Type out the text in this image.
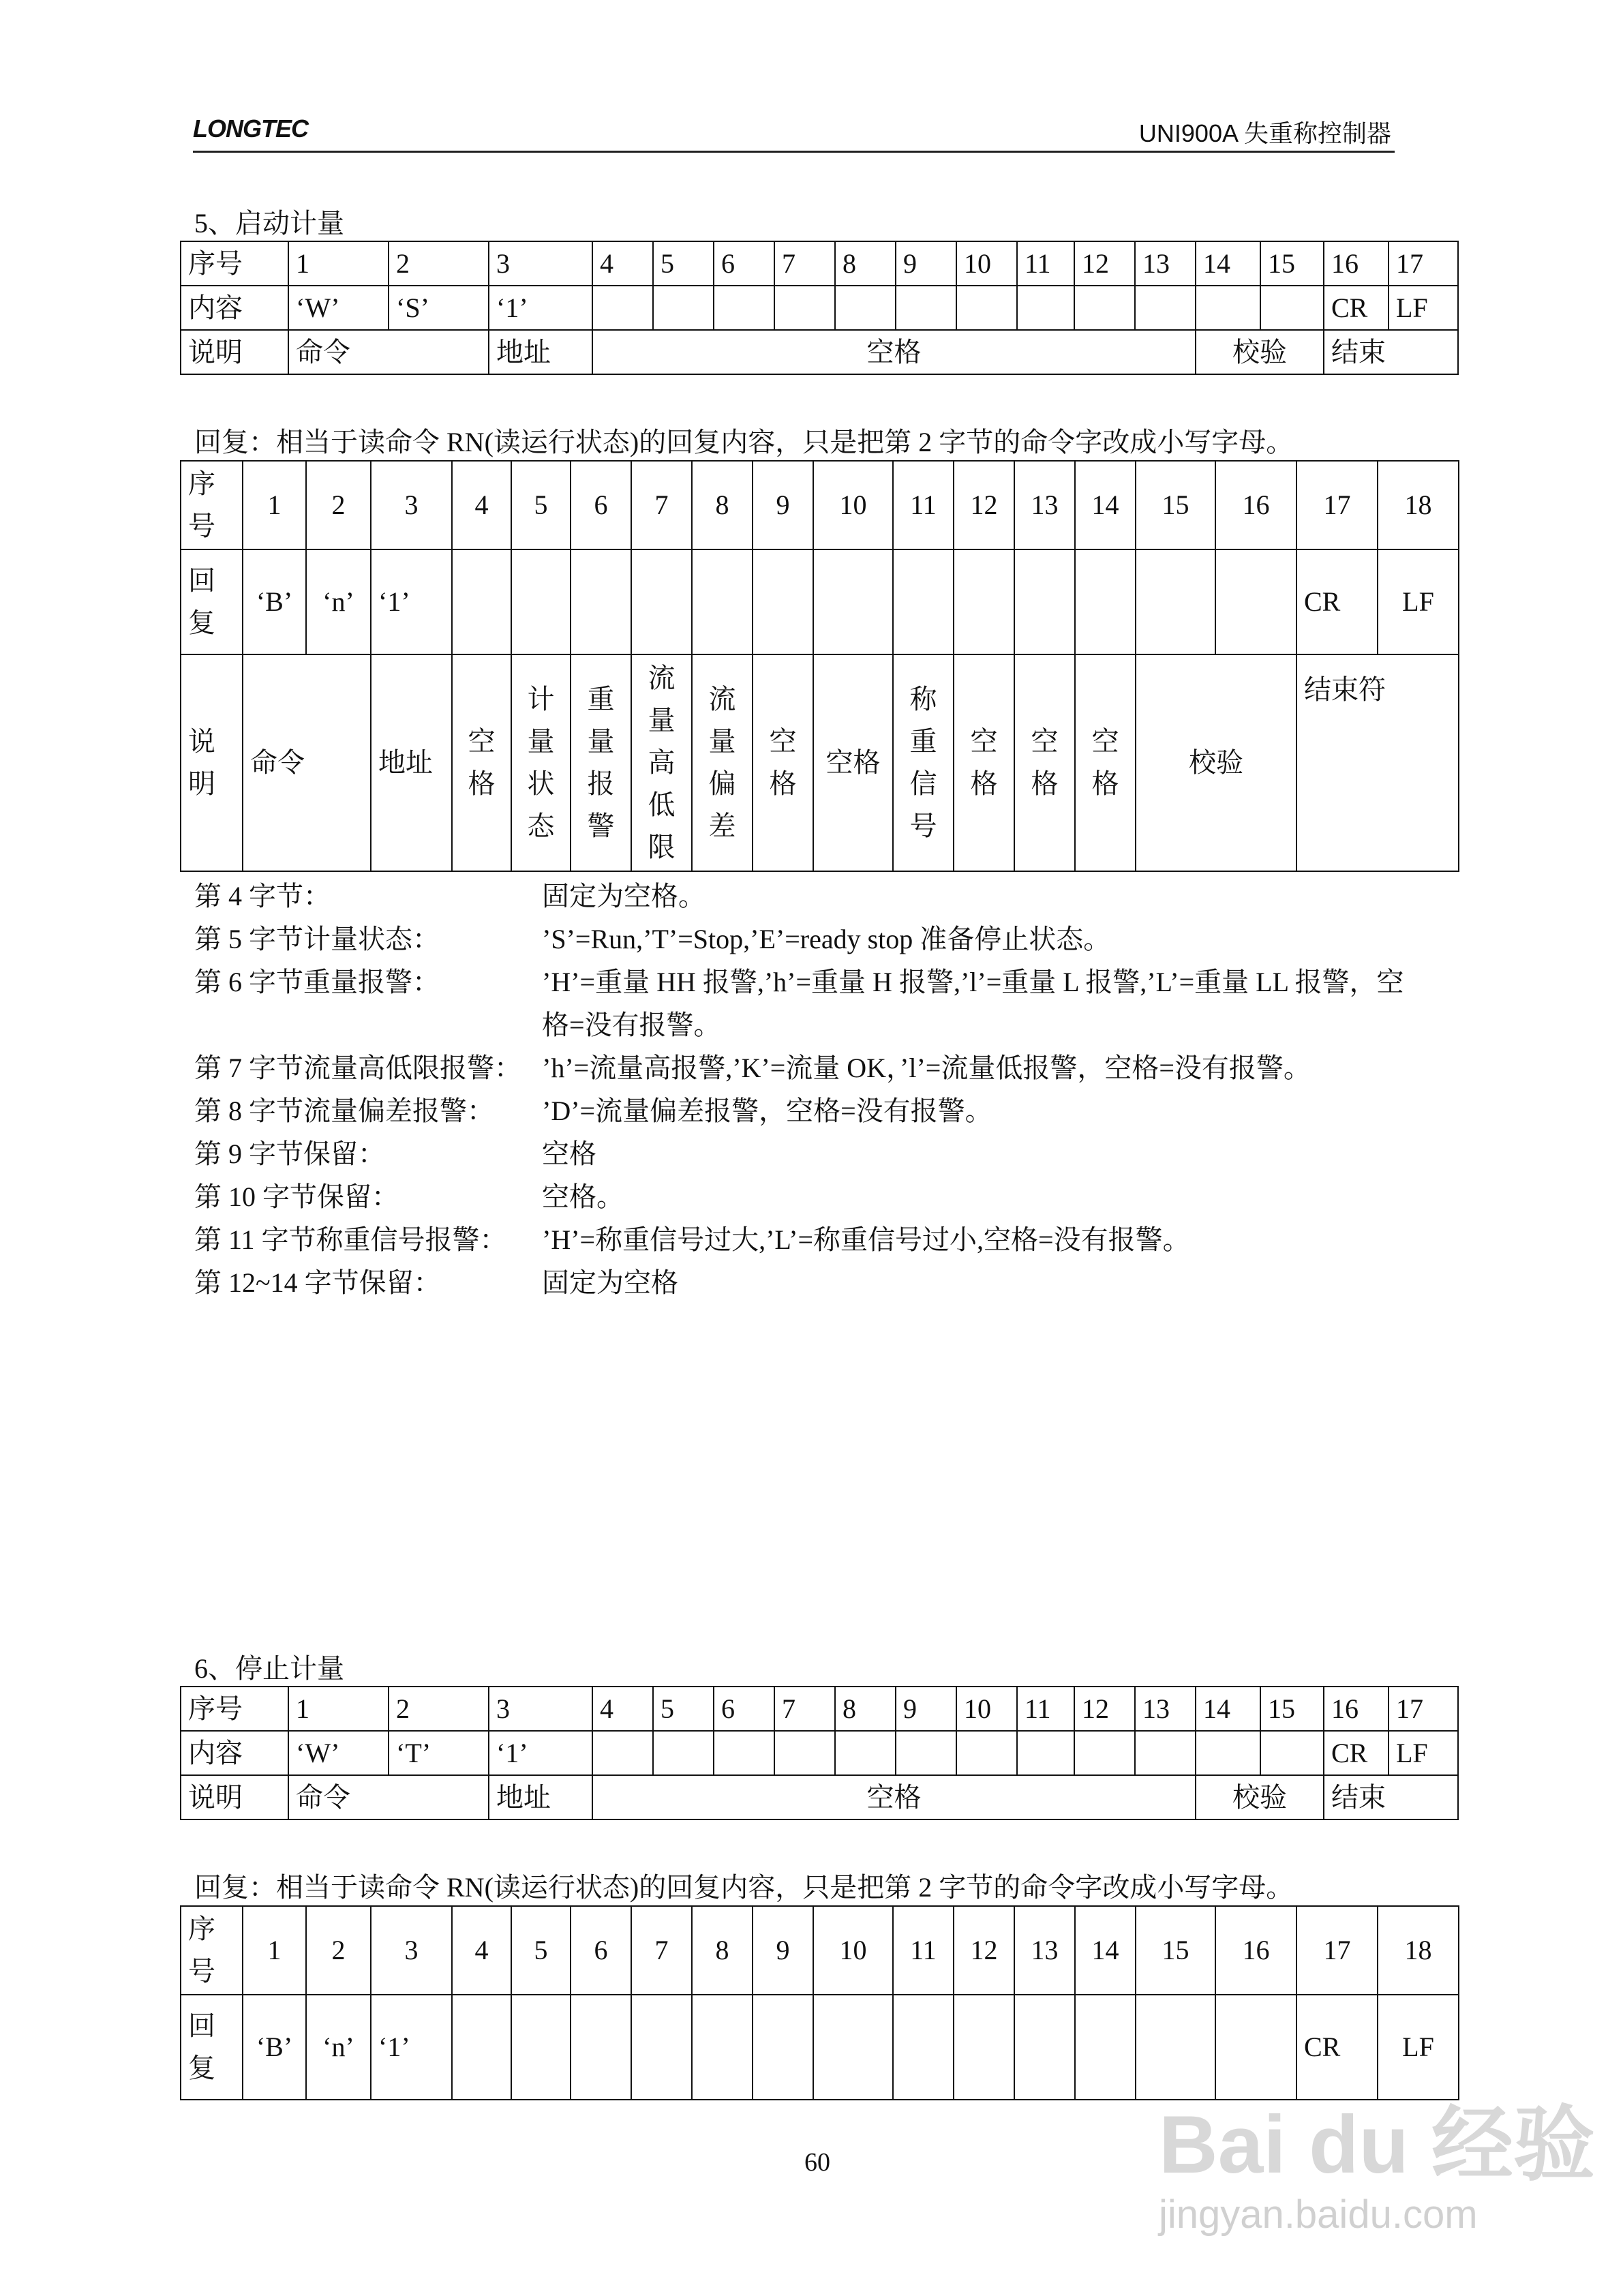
LONGTEC	UNI900A 失重称控制器
5、启动计量
序号	1	2	3	4	5	6	7	8	9	10	11	12	13	14	15	16	17
内容	‘W’	‘S’	‘1’													CR	LF
说明	命令		地址	空格										校验		结束	
回复：相当于读命令 RN(读运行状态)的回复内容，只是把第 2 字节的命令字改成小写字母。
序号	1	2	3	4	5	6	7	8	9	10	11	12	13	14	15	16	17	18
回复	‘B’	‘n’	‘1’														CR	LF
说明	命令		地址	空格	计量状态	重量报警	流量高低限	流量偏差	空格	空格	称重信号	空格	空格	空格	校验		结束符	
第 4 字节：	固定为空格。
第 5 字节计量状态：	’S’=Run,’T’=Stop,’E’=ready stop 准备停止状态。
第 6 字节重量报警：	’H’=重量 HH 报警,’h’=重量 H 报警,’l’=重量 L 报警,’L’=重量 LL 报警，空格=没有报警。
第 7 字节流量高低限报警： ’h’=流量高报警,’K’=流量 OK，’l’=流量低报警，空格=没有报警。
第 8 字节流量偏差报警：	’D’=流量偏差报警，空格=没有报警。
第 9 字节保留：	空格
第 10 字节保留：	空格。
第 11 字节称重信号报警：	’H’=称重信号过大,’L’=称重信号过小,空格=没有报警。
第 12~14 字节保留：	固定为空格
6、停止计量
序号	1	2	3	4	5	6	7	8	9	10	11	12	13	14	15	16	17
内容	‘W’	‘T’	‘1’													CR	LF
说明	命令		地址	空格										校验		结束	
回复：相当于读命令 RN(读运行状态)的回复内容，只是把第 2 字节的命令字改成小写字母。
序号	1	2	3	4	5	6	7	8	9	10	11	12	13	14	15	16	17	18
回复	‘B’	‘n’	‘1’														CR	LF
60	Bai du 经验
jingyan.baidu.com
